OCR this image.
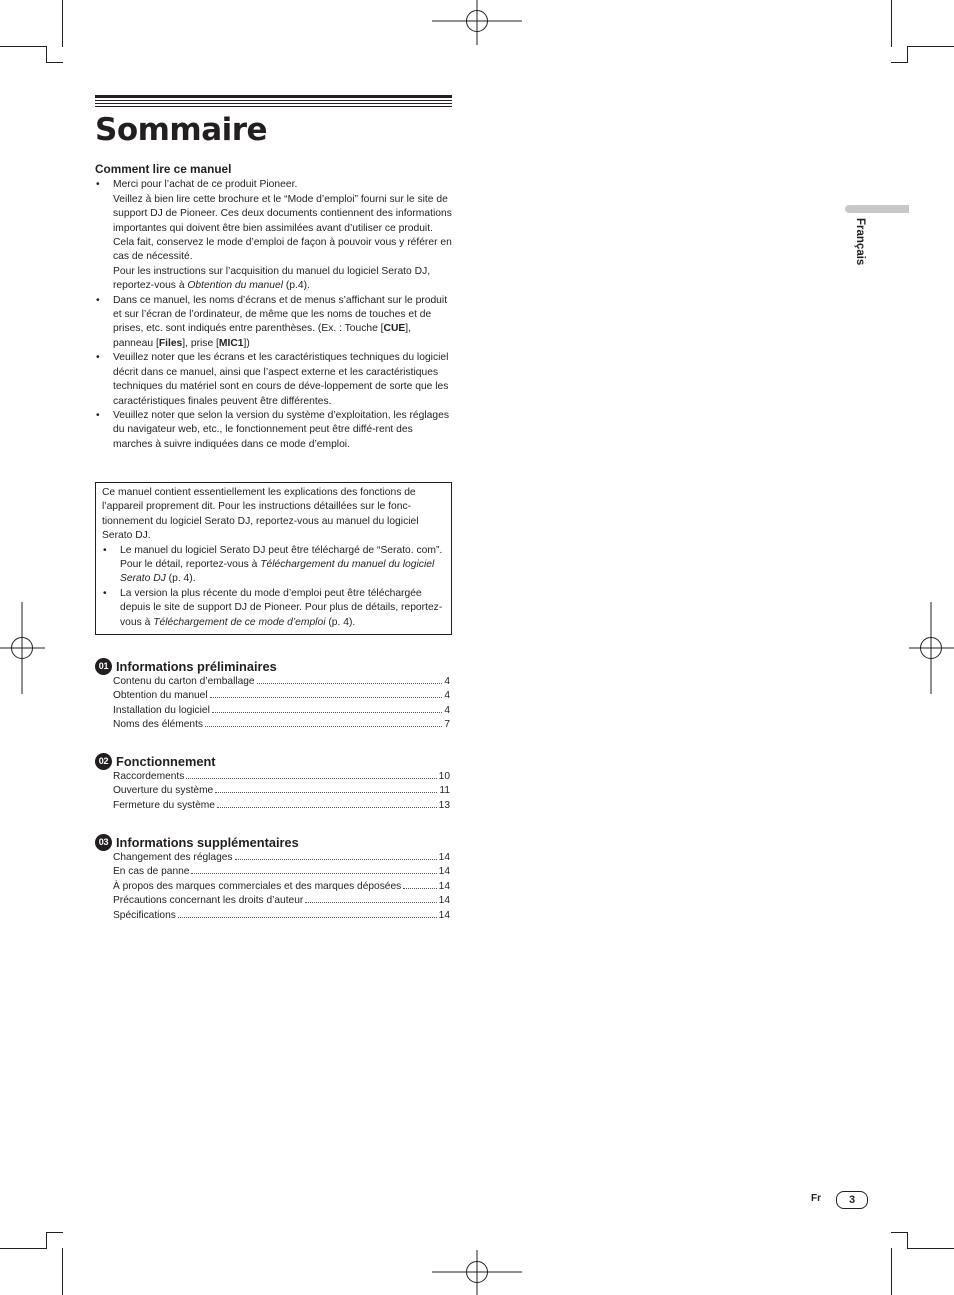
Sommaire
Comment lire ce manuel
• Merci pour l’achat de ce produit Pioneer.
Veillez à bien lire cette brochure et le “Mode d’emploi” fourni sur le site de support DJ de Pioneer. Ces deux documents contiennent des informations importantes qui doivent être bien assimilées avant d’utiliser ce produit.
Cela fait, conservez le mode d’emploi de façon à pouvoir vous y référer en cas de nécessité.
Pour les instructions sur l’acquisition du manuel du logiciel Serato DJ, reportez-vous à Obtention du manuel (p.4).
• Dans ce manuel, les noms d’écrans et de menus s’affichant sur le produit et sur l’écran de l’ordinateur, de même que les noms de touches et de prises, etc. sont indiqués entre parenthèses. (Ex. : Touche [CUE], panneau [Files], prise [MIC1])
• Veuillez noter que les écrans et les caractéristiques techniques du logiciel décrit dans ce manuel, ainsi que l’aspect externe et les caractéristiques techniques du matériel sont en cours de déve-loppement de sorte que les caractéristiques finales peuvent être différentes.
• Veuillez noter que selon la version du système d’exploitation, les réglages du navigateur web, etc., le fonctionnement peut être diffé-rent des marches à suivre indiquées dans ce mode d’emploi.
Ce manuel contient essentiellement les explications des fonctions de l’appareil proprement dit. Pour les instructions détaillées sur le fonc-tionnement du logiciel Serato DJ, reportez-vous au manuel du logiciel Serato DJ.
• Le manuel du logiciel Serato DJ peut être téléchargé de “Serato. com”. Pour le détail, reportez-vous à Téléchargement du manuel du logiciel Serato DJ (p. 4).
• La version la plus récente du mode d’emploi peut être téléchargée depuis le site de support DJ de Pioneer. Pour plus de détails, reportez-vous à Téléchargement de ce mode d’emploi (p. 4).
01 Informations préliminaires
Contenu du carton d’emballage	4
Obtention du manuel	4
Installation du logiciel	4
Noms des éléments	7
02 Fonctionnement
Raccordements	10
Ouverture du système	11
Fermeture du système	13
03 Informations supplémentaires
Changement des réglages	14
En cas de panne	14
À propos des marques commerciales et des marques déposées	14
Précautions concernant les droits d’auteur	14
Spécifications	14
Français
Fr	3
